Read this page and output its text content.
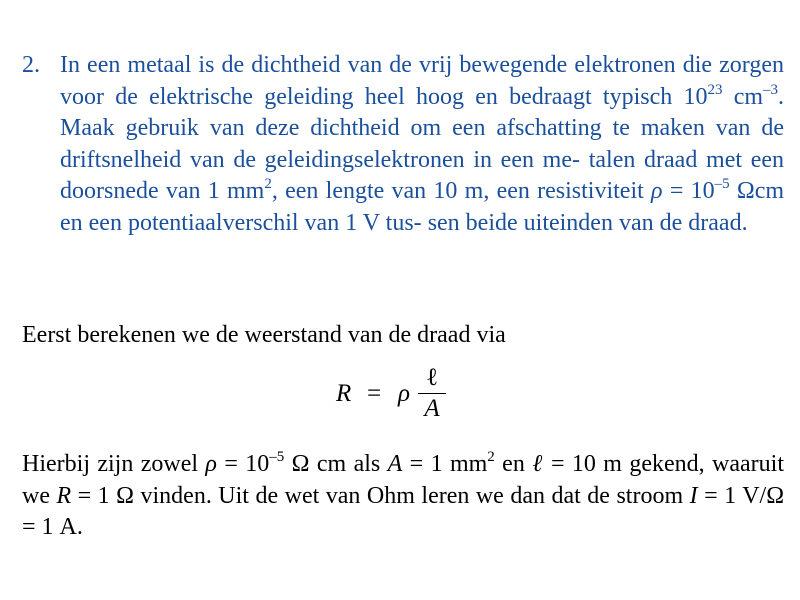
2. In een metaal is de dichtheid van de vrij bewegende elektronen die zorgen voor de elektrische geleiding heel hoog en bedraagt typisch $10^{23}$ $cm^{-3}$. Maak gebruik van deze dichtheid om een afschatting te maken van de driftsnelheid van de geleidingselektronen in een me- talen draad met een doorsnede van 1 $mm^2$, een lengte van 10 m, een resistiviteit $\rho = 10^{-5}$ Ωcm en een potentiaalverschil van 1 V tus- sen beide uiteinden van de draad.
Eerst berekenen we de weerstand van de draad via
R = ρ
ℓ
A
Hierbij zijn zowel $\rho = 10^{-5}$ Ω cm als A = 1 $mm^2$ en ℓ = 10 m gekend, waaruit we R = 1 Ω vinden. Uit de wet van Ohm leren we dan dat de stroom I = 1 V/Ω = 1 A.
